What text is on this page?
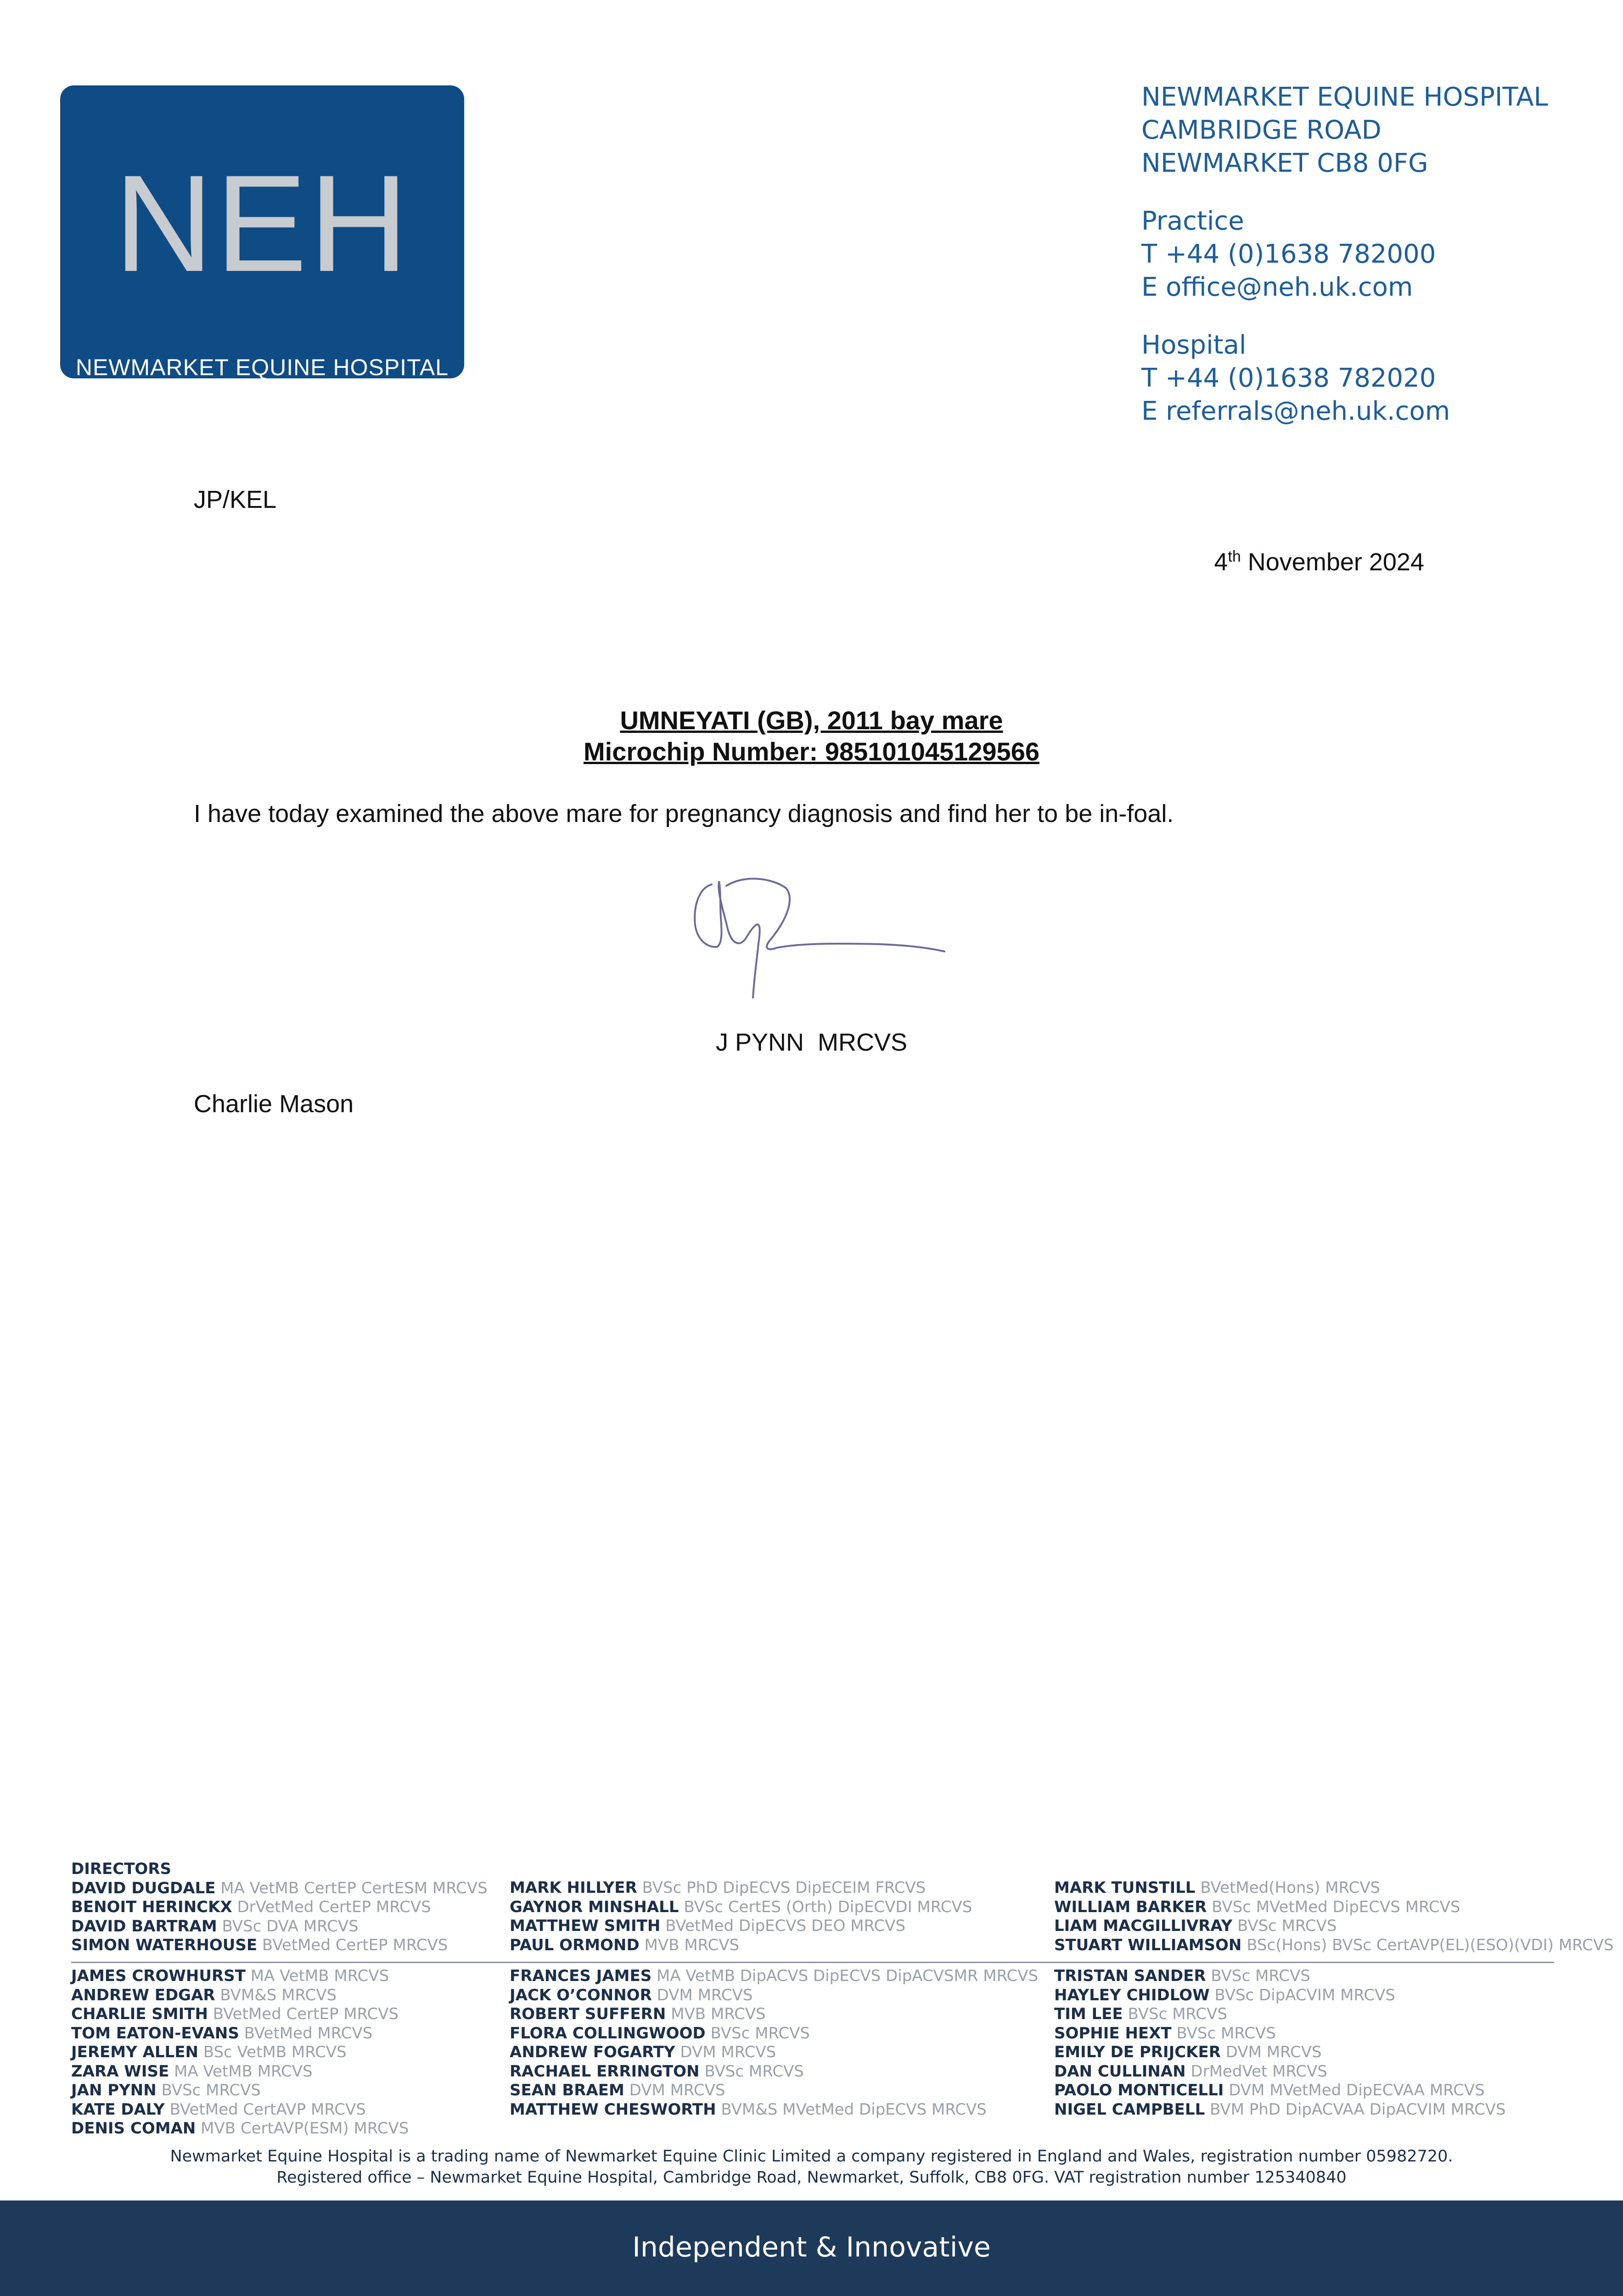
NEH
NEWMARKET EQUINE HOSPITAL
NEWMARKET EQUINE HOSPITAL
CAMBRIDGE ROAD
NEWMARKET CB8 0FG
Practice
T +44 (0)1638 782000
E office@neh.uk.com
Hospital
T +44 (0)1638 782020
E referrals@neh.uk.com
JP/KEL
4th November 2024
UMNEYATI (GB), 2011 bay mare
Microchip Number: 985101045129566
I have today examined the above mare for pregnancy diagnosis and find her to be in-foal.
J PYNN  MRCVS
Charlie Mason
DIRECTORS
DAVID DUGDALE MA VetMB CertEP CertESM MRCVS
BENOIT HERINCKX DrVetMed CertEP MRCVS
DAVID BARTRAM BVSc DVA MRCVS
SIMON WATERHOUSE BVetMed CertEP MRCVS
MARK HILLYER BVSc PhD DipECVS DipECEIM FRCVS
GAYNOR MINSHALL BVSc CertES (Orth) DipECVDI MRCVS
MATTHEW SMITH BVetMed DipECVS DEO MRCVS
PAUL ORMOND MVB MRCVS
MARK TUNSTILL BVetMed(Hons) MRCVS
WILLIAM BARKER BVSc MVetMed DipECVS MRCVS
LIAM MACGILLIVRAY BVSc MRCVS
STUART WILLIAMSON BSc(Hons) BVSc CertAVP(EL)(ESO)(VDI) MRCVS
JAMES CROWHURST MA VetMB MRCVS
ANDREW EDGAR BVM&S MRCVS
CHARLIE SMITH BVetMed CertEP MRCVS
TOM EATON-EVANS BVetMed MRCVS
JEREMY ALLEN BSc VetMB MRCVS
ZARA WISE MA VetMB MRCVS
JAN PYNN BVSc MRCVS
KATE DALY BVetMed CertAVP MRCVS
DENIS COMAN MVB CertAVP(ESM) MRCVS
FRANCES JAMES MA VetMB DipACVS DipECVS DipACVSMR MRCVS
JACK O’CONNOR DVM MRCVS
ROBERT SUFFERN MVB MRCVS
FLORA COLLINGWOOD BVSc MRCVS
ANDREW FOGARTY DVM MRCVS
RACHAEL ERRINGTON BVSc MRCVS
SEAN BRAEM DVM MRCVS
MATTHEW CHESWORTH BVM&S MVetMed DipECVS MRCVS
TRISTAN SANDER BVSc MRCVS
HAYLEY CHIDLOW BVSc DipACVIM MRCVS
TIM LEE BVSc MRCVS
SOPHIE HEXT BVSc MRCVS
EMILY DE PRIJCKER DVM MRCVS
DAN CULLINAN DrMedVet MRCVS
PAOLO MONTICELLI DVM MVetMed DipECVAA MRCVS
NIGEL CAMPBELL BVM PhD DipACVAA DipACVIM MRCVS
Newmarket Equine Hospital is a trading name of Newmarket Equine Clinic Limited a company registered in England and Wales, registration number 05982720.
Registered office – Newmarket Equine Hospital, Cambridge Road, Newmarket, Suffolk, CB8 0FG. VAT registration number 125340840
Independent & Innovative
